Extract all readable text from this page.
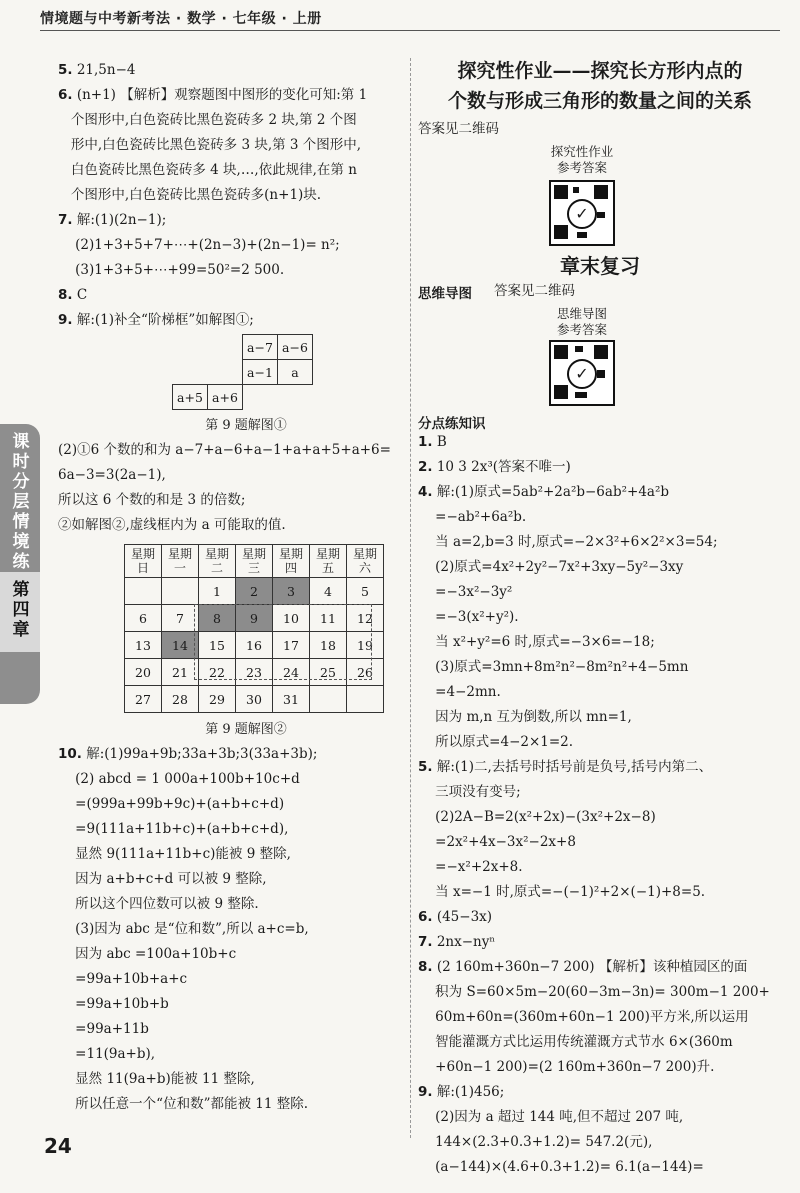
情境题与中考新考法 · 数学 · 七年级 · 上册
课时分层情境练
第四章

5. 21,5n−4

6. (n+1) 【解析】观察题图中图形的变化可知:第 1

个图形中,白色瓷砖比黑色瓷砖多 2 块,第 2 个图

形中,白色瓷砖比黑色瓷砖多 3 块,第 3 个图形中,

白色瓷砖比黑色瓷砖多 4 块,…,依此规律,在第 n

个图形中,白色瓷砖比黑色瓷砖多(n+1)块.

7. 解:(1)(2n−1);

(2)1+3+5+7+⋯+(2n−3)+(2n−1)= n²;

(3)1+3+5+⋯+99=50²=2 500.

8. C

9. 解:(1)补全“阶梯框”如解图①;

		a−7	a−6
		a−1	a
a+5	a+6		
第 9 题解图①

(2)①6 个数的和为 a−7+a−6+a−1+a+a+5+a+6=

6a−3=3(2a−1),

所以这 6 个数的和是 3 的倍数;

②如解图②,虚线框内为 a 可能取的值.

星期日	星期一	星期二	星期三	星期四	星期五	星期六
		1	2	3	4	5
6	7	8	9	10	11	12
13	14	15	16	17	18	19
20	21	22	23	24	25	26
27	28	29	30	31		
第 9 题解图②

10. 解:(1)99a+9b;33a+3b;3(33a+3b);

(2) abcd = 1 000a+100b+10c+d

=(999a+99b+9c)+(a+b+c+d)

=9(111a+11b+c)+(a+b+c+d),

显然 9(111a+11b+c)能被 9 整除,

因为 a+b+c+d 可以被 9 整除,

所以这个四位数可以被 9 整除.

(3)因为 abc 是“位和数”,所以 a+c=b,

因为 abc =100a+10b+c

=99a+10b+a+c

=99a+10b+b

=99a+11b

=11(9a+b),

显然 11(9a+b)能被 11 整除,

所以任意一个“位和数”都能被 11 整除.

24
探究性作业——探究长方形内点的
个数与形成三角形的数量之间的关系
答案见二维码
探究性作业
参考答案
✓
章末复习
思维导图 答案见二维码
思维导图
参考答案
✓
分点练知识

1. B

2. 10 3 2x³(答案不唯一)

4. 解:(1)原式=5ab²+2a²b−6ab²+4a²b

=−ab²+6a²b.

当 a=2,b=3 时,原式=−2×3²+6×2²×3=54;

(2)原式=4x²+2y²−7x²+3xy−5y²−3xy

=−3x²−3y²

=−3(x²+y²).

当 x²+y²=6 时,原式=−3×6=−18;

(3)原式=3mn+8m²n²−8m²n²+4−5mn

=4−2mn.

因为 m,n 互为倒数,所以 mn=1,

所以原式=4−2×1=2.

5. 解:(1)二,去括号时括号前是负号,括号内第二、

三项没有变号;

(2)2A−B=2(x²+2x)−(3x²+2x−8)

=2x²+4x−3x²−2x+8

=−x²+2x+8.

当 x=−1 时,原式=−(−1)²+2×(−1)+8=5.

6. (45−3x)

7. 2nx−nyⁿ

8. (2 160m+360n−7 200) 【解析】该种植园区的面

积为 S=60×5m−20(60−3m−3n)= 300m−1 200+

60m+60n=(360m+60n−1 200)平方米,所以运用

智能灌溉方式比运用传统灌溉方式节水 6×(360m

+60n−1 200)=(2 160m+360n−7 200)升.

9. 解:(1)456;

(2)因为 a 超过 144 吨,但不超过 207 吨,

144×(2.3+0.3+1.2)= 547.2(元),

(a−144)×(4.6+0.3+1.2)= 6.1(a−144)=
